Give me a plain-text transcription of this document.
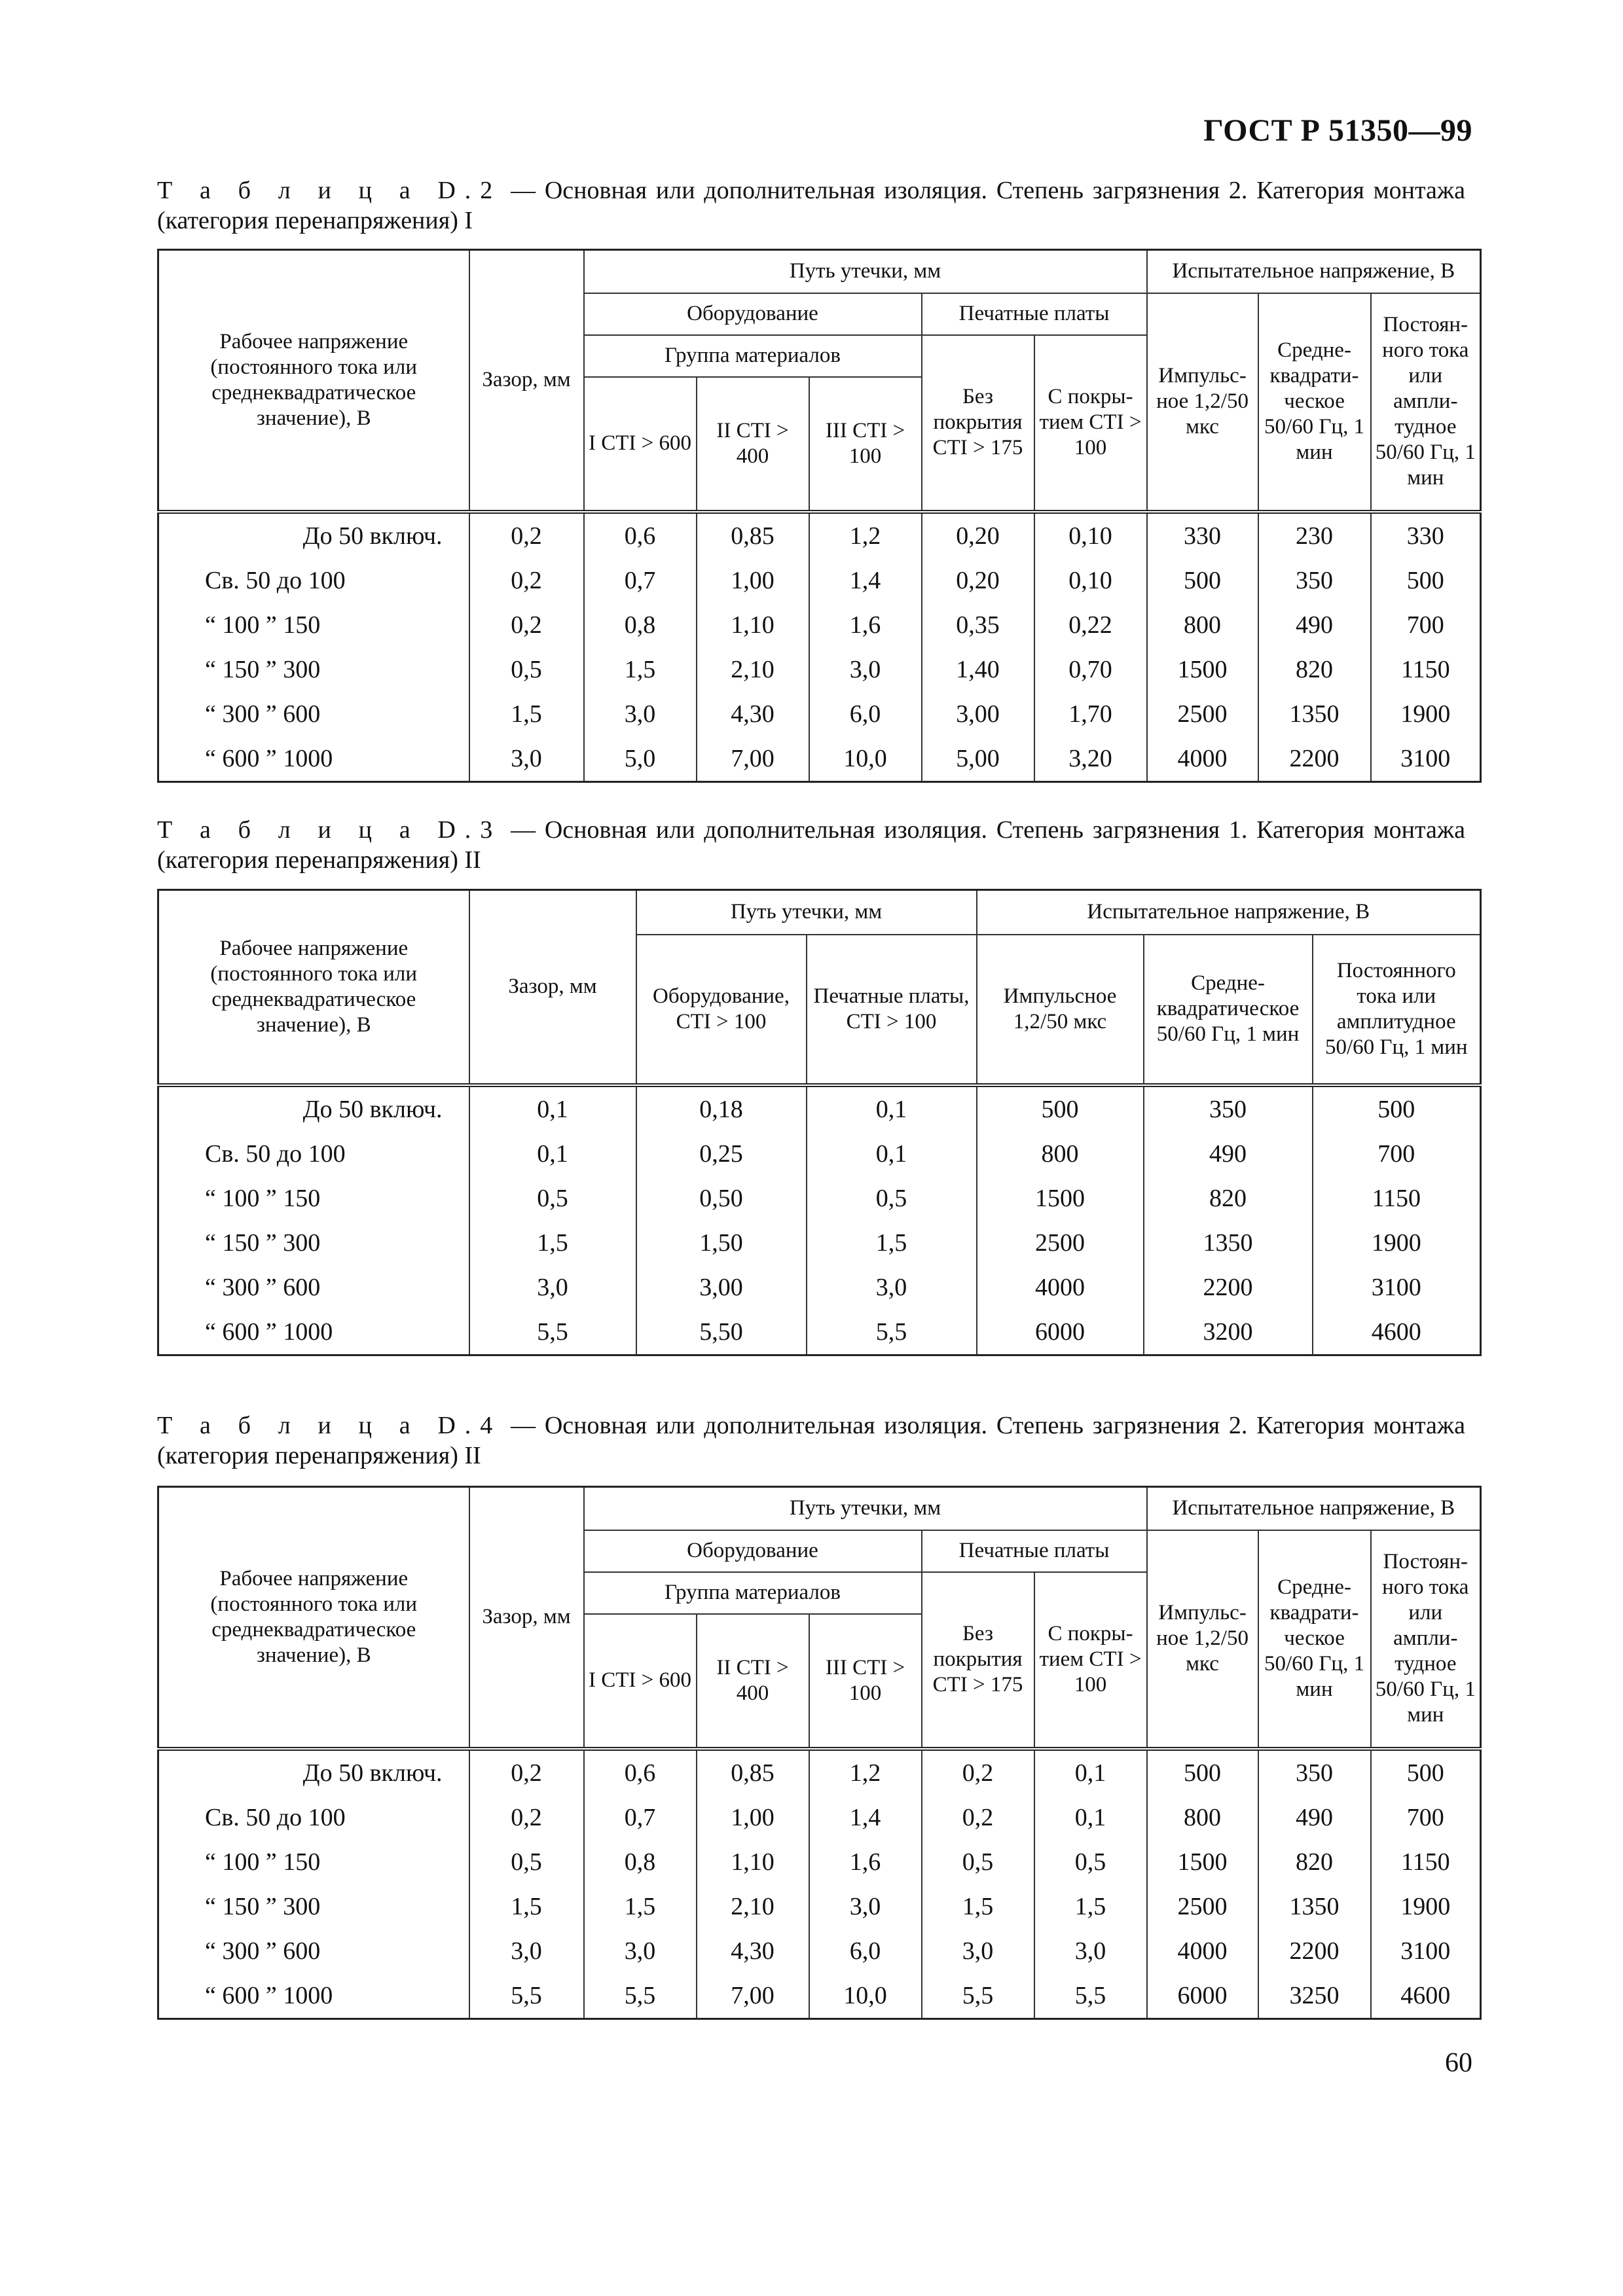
ГОСТ Р 51350—99
Т а б л и ц а D.2 — Основная или дополнительная изоляция. Степень загрязнения 2. Категория монтажа (категория перенапряжения) I
Рабочее напряжение (постоянного тока или среднеквадратическое значение), В	Зазор, мм	Путь утечки, мм					Испытательное напряжение, В		
		Оборудование			Печатные платы		Импульс-ное 1,2/50 мкс	Средне-квадрати-ческое 50/60 Гц, 1 мин	Постоян-ного тока или ампли-тудное 50/60 Гц, 1 мин
		Группа материалов			Без покрытия CTI > 175	С покры-тием CTI > 100			
		I CTI > 600	II CTI > 400	III CTI > 100					
До 50 включ.	0,2	0,6	0,85	1,2	0,20	0,10	330	230	330
Св. 50 до 100	0,2	0,7	1,00	1,4	0,20	0,10	500	350	500
“ 100 ” 150	0,2	0,8	1,10	1,6	0,35	0,22	800	490	700
“ 150 ” 300	0,5	1,5	2,10	3,0	1,40	0,70	1500	820	1150
“ 300 ” 600	1,5	3,0	4,30	6,0	3,00	1,70	2500	1350	1900
“ 600 ” 1000	3,0	5,0	7,00	10,0	5,00	3,20	4000	2200	3100
Т а б л и ц а D.3 — Основная или дополнительная изоляция. Степень загрязнения 1. Категория монтажа (категория перенапряжения) II
Рабочее напряжение (постоянного тока или среднеквадратическое значение), В	Зазор, мм	Путь утечки, мм		Испытательное напряжение, В		
		Оборудование, CTI > 100	Печатные платы, CTI > 100	Импульсное 1,2/50 мкс	Средне-квадратическое 50/60 Гц, 1 мин	Постоянного тока или амплитудное 50/60 Гц, 1 мин
До 50 включ.	0,1	0,18	0,1	500	350	500
Св. 50 до 100	0,1	0,25	0,1	800	490	700
“ 100 ” 150	0,5	0,50	0,5	1500	820	1150
“ 150 ” 300	1,5	1,50	1,5	2500	1350	1900
“ 300 ” 600	3,0	3,00	3,0	4000	2200	3100
“ 600 ” 1000	5,5	5,50	5,5	6000	3200	4600
Т а б л и ц а D.4 — Основная или дополнительная изоляция. Степень загрязнения 2. Категория монтажа (категория перенапряжения) II
Рабочее напряжение (постоянного тока или среднеквадратическое значение), В	Зазор, мм	Путь утечки, мм					Испытательное напряжение, В		
		Оборудование			Печатные платы		Импульс-ное 1,2/50 мкс	Средне-квадрати-ческое 50/60 Гц, 1 мин	Постоян-ного тока или ампли-тудное 50/60 Гц, 1 мин
		Группа материалов			Без покрытия CTI > 175	С покры-тием CTI > 100			
		I CTI > 600	II CTI > 400	III CTI > 100					
До 50 включ.	0,2	0,6	0,85	1,2	0,2	0,1	500	350	500
Св. 50 до 100	0,2	0,7	1,00	1,4	0,2	0,1	800	490	700
“ 100 ” 150	0,5	0,8	1,10	1,6	0,5	0,5	1500	820	1150
“ 150 ” 300	1,5	1,5	2,10	3,0	1,5	1,5	2500	1350	1900
“ 300 ” 600	3,0	3,0	4,30	6,0	3,0	3,0	4000	2200	3100
“ 600 ” 1000	5,5	5,5	7,00	10,0	5,5	5,5	6000	3250	4600
60
